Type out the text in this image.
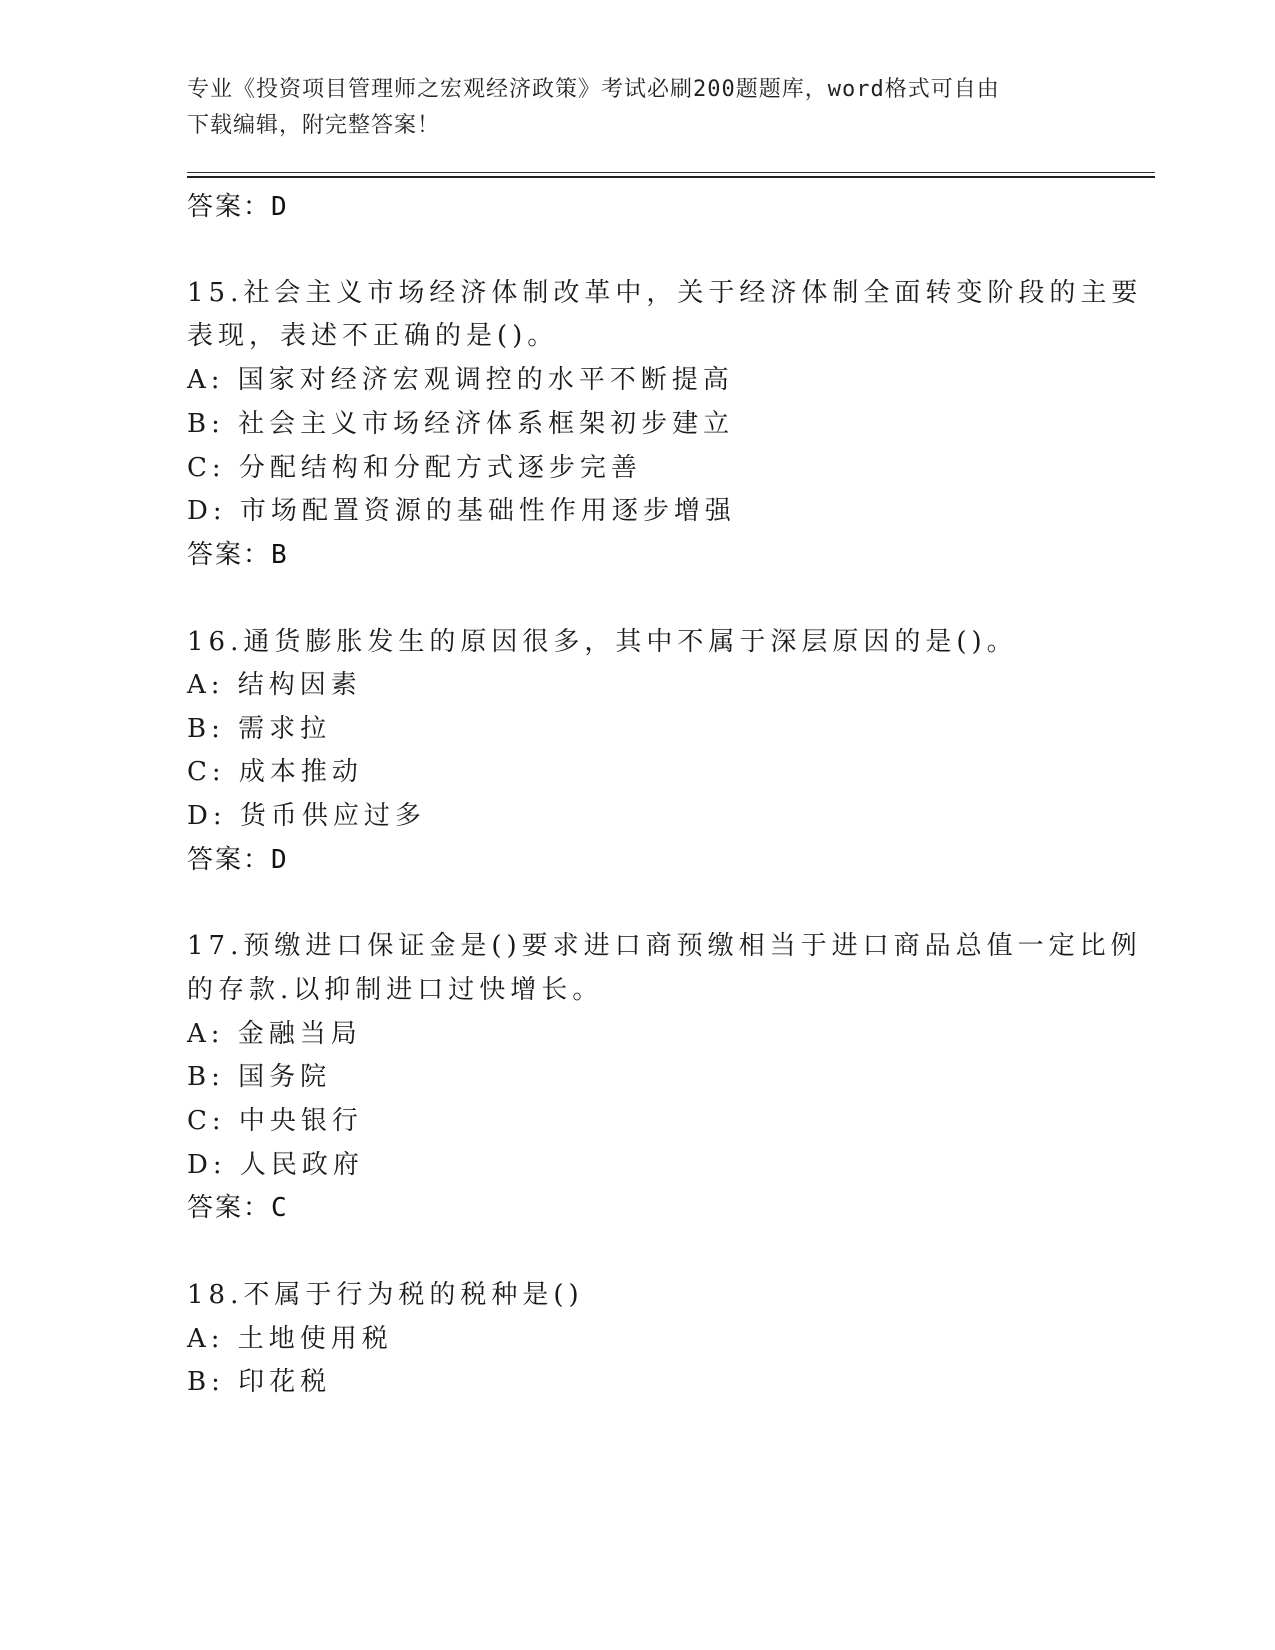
专业《投资项目管理师之宏观经济政策》考试必刷200题题库，word格式可自由
下载编辑，附完整答案！
答案：D
15.社会主义市场经济体制改革中，关于经济体制全面转变阶段的主要
表现，表述不正确的是()。
A: 国家对经济宏观调控的水平不断提高
B: 社会主义市场经济体系框架初步建立
C: 分配结构和分配方式逐步完善
D: 市场配置资源的基础性作用逐步增强
答案：B
16.通货膨胀发生的原因很多，其中不属于深层原因的是()。
A: 结构因素
B: 需求拉
C: 成本推动
D: 货币供应过多
答案：D
17.预缴进口保证金是()要求进口商预缴相当于进口商品总值一定比例
的存款.以抑制进口过快增长。
A: 金融当局
B: 国务院
C: 中央银行
D: 人民政府
答案：C
18.不属于行为税的税种是()
A: 土地使用税
B: 印花税
